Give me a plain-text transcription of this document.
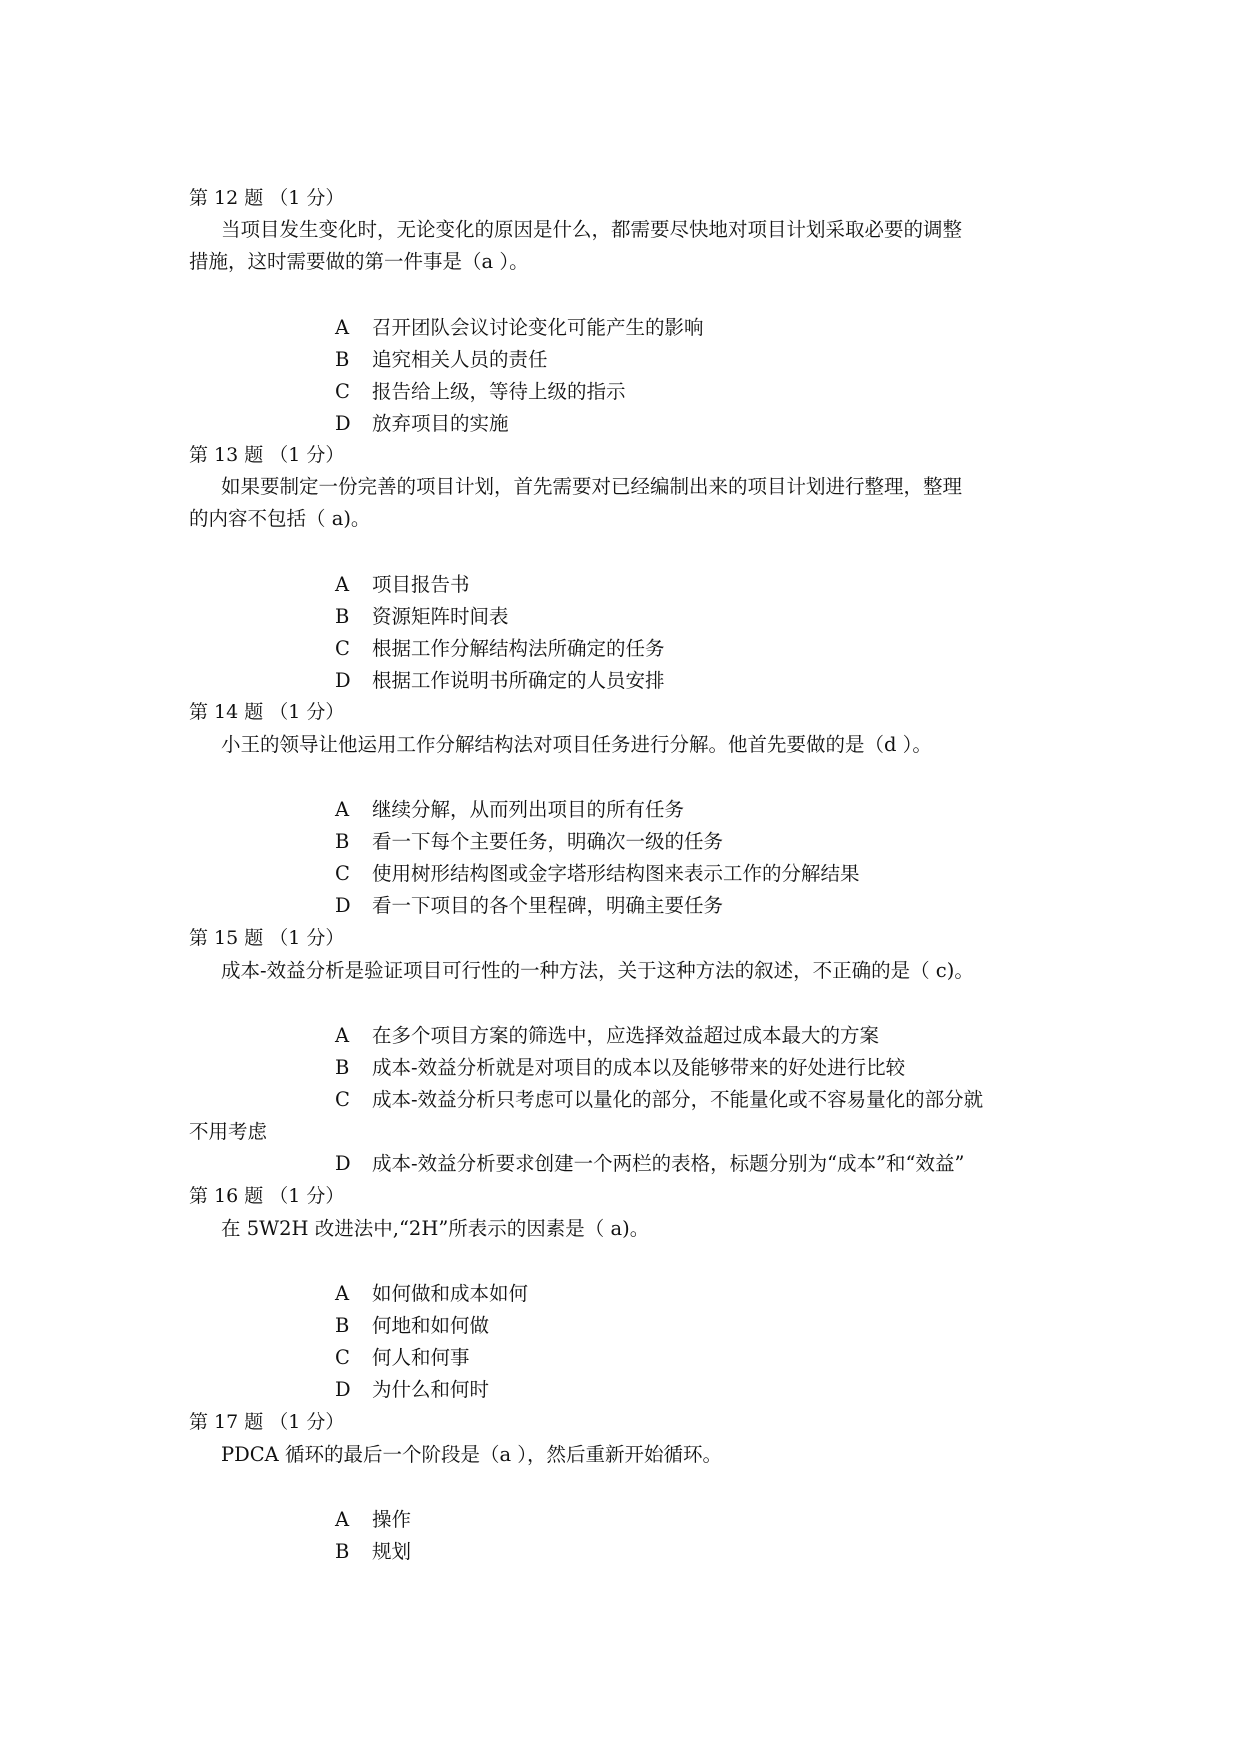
第 12 题 （1 分）
当项目发生变化时，无论变化的原因是什么，都需要尽快地对项目计划采取必要的调整
措施，这时需要做的第一件事是（a ）。
A 召开团队会议讨论变化可能产生的影响
B 追究相关人员的责任
C 报告给上级，等待上级的指示
D 放弃项目的实施
第 13 题 （1 分）
如果要制定一份完善的项目计划，首先需要对已经编制出来的项目计划进行整理，整理
的内容不包括（ a)。
A 项目报告书
B 资源矩阵时间表
C 根据工作分解结构法所确定的任务
D 根据工作说明书所确定的人员安排
第 14 题 （1 分）
小王的领导让他运用工作分解结构法对项目任务进行分解。他首先要做的是（d ）。
A 继续分解，从而列出项目的所有任务
B 看一下每个主要任务，明确次一级的任务
C 使用树形结构图或金字塔形结构图来表示工作的分解结果
D 看一下项目的各个里程碑，明确主要任务
第 15 题 （1 分）
成本-效益分析是验证项目可行性的一种方法，关于这种方法的叙述，不正确的是（ c)。
A 在多个项目方案的筛选中，应选择效益超过成本最大的方案
B 成本-效益分析就是对项目的成本以及能够带来的好处进行比较
C 成本-效益分析只考虑可以量化的部分，不能量化或不容易量化的部分就
不用考虑
D 成本-效益分析要求创建一个两栏的表格，标题分别为“成本”和“效益”
第 16 题 （1 分）
在 5W2H 改进法中,“2H”所表示的因素是（ a)。
A 如何做和成本如何
B 何地和如何做
C 何人和何事
D 为什么和何时
第 17 题 （1 分）
PDCA 循环的最后一个阶段是（a ），然后重新开始循环。
A 操作
B 规划
